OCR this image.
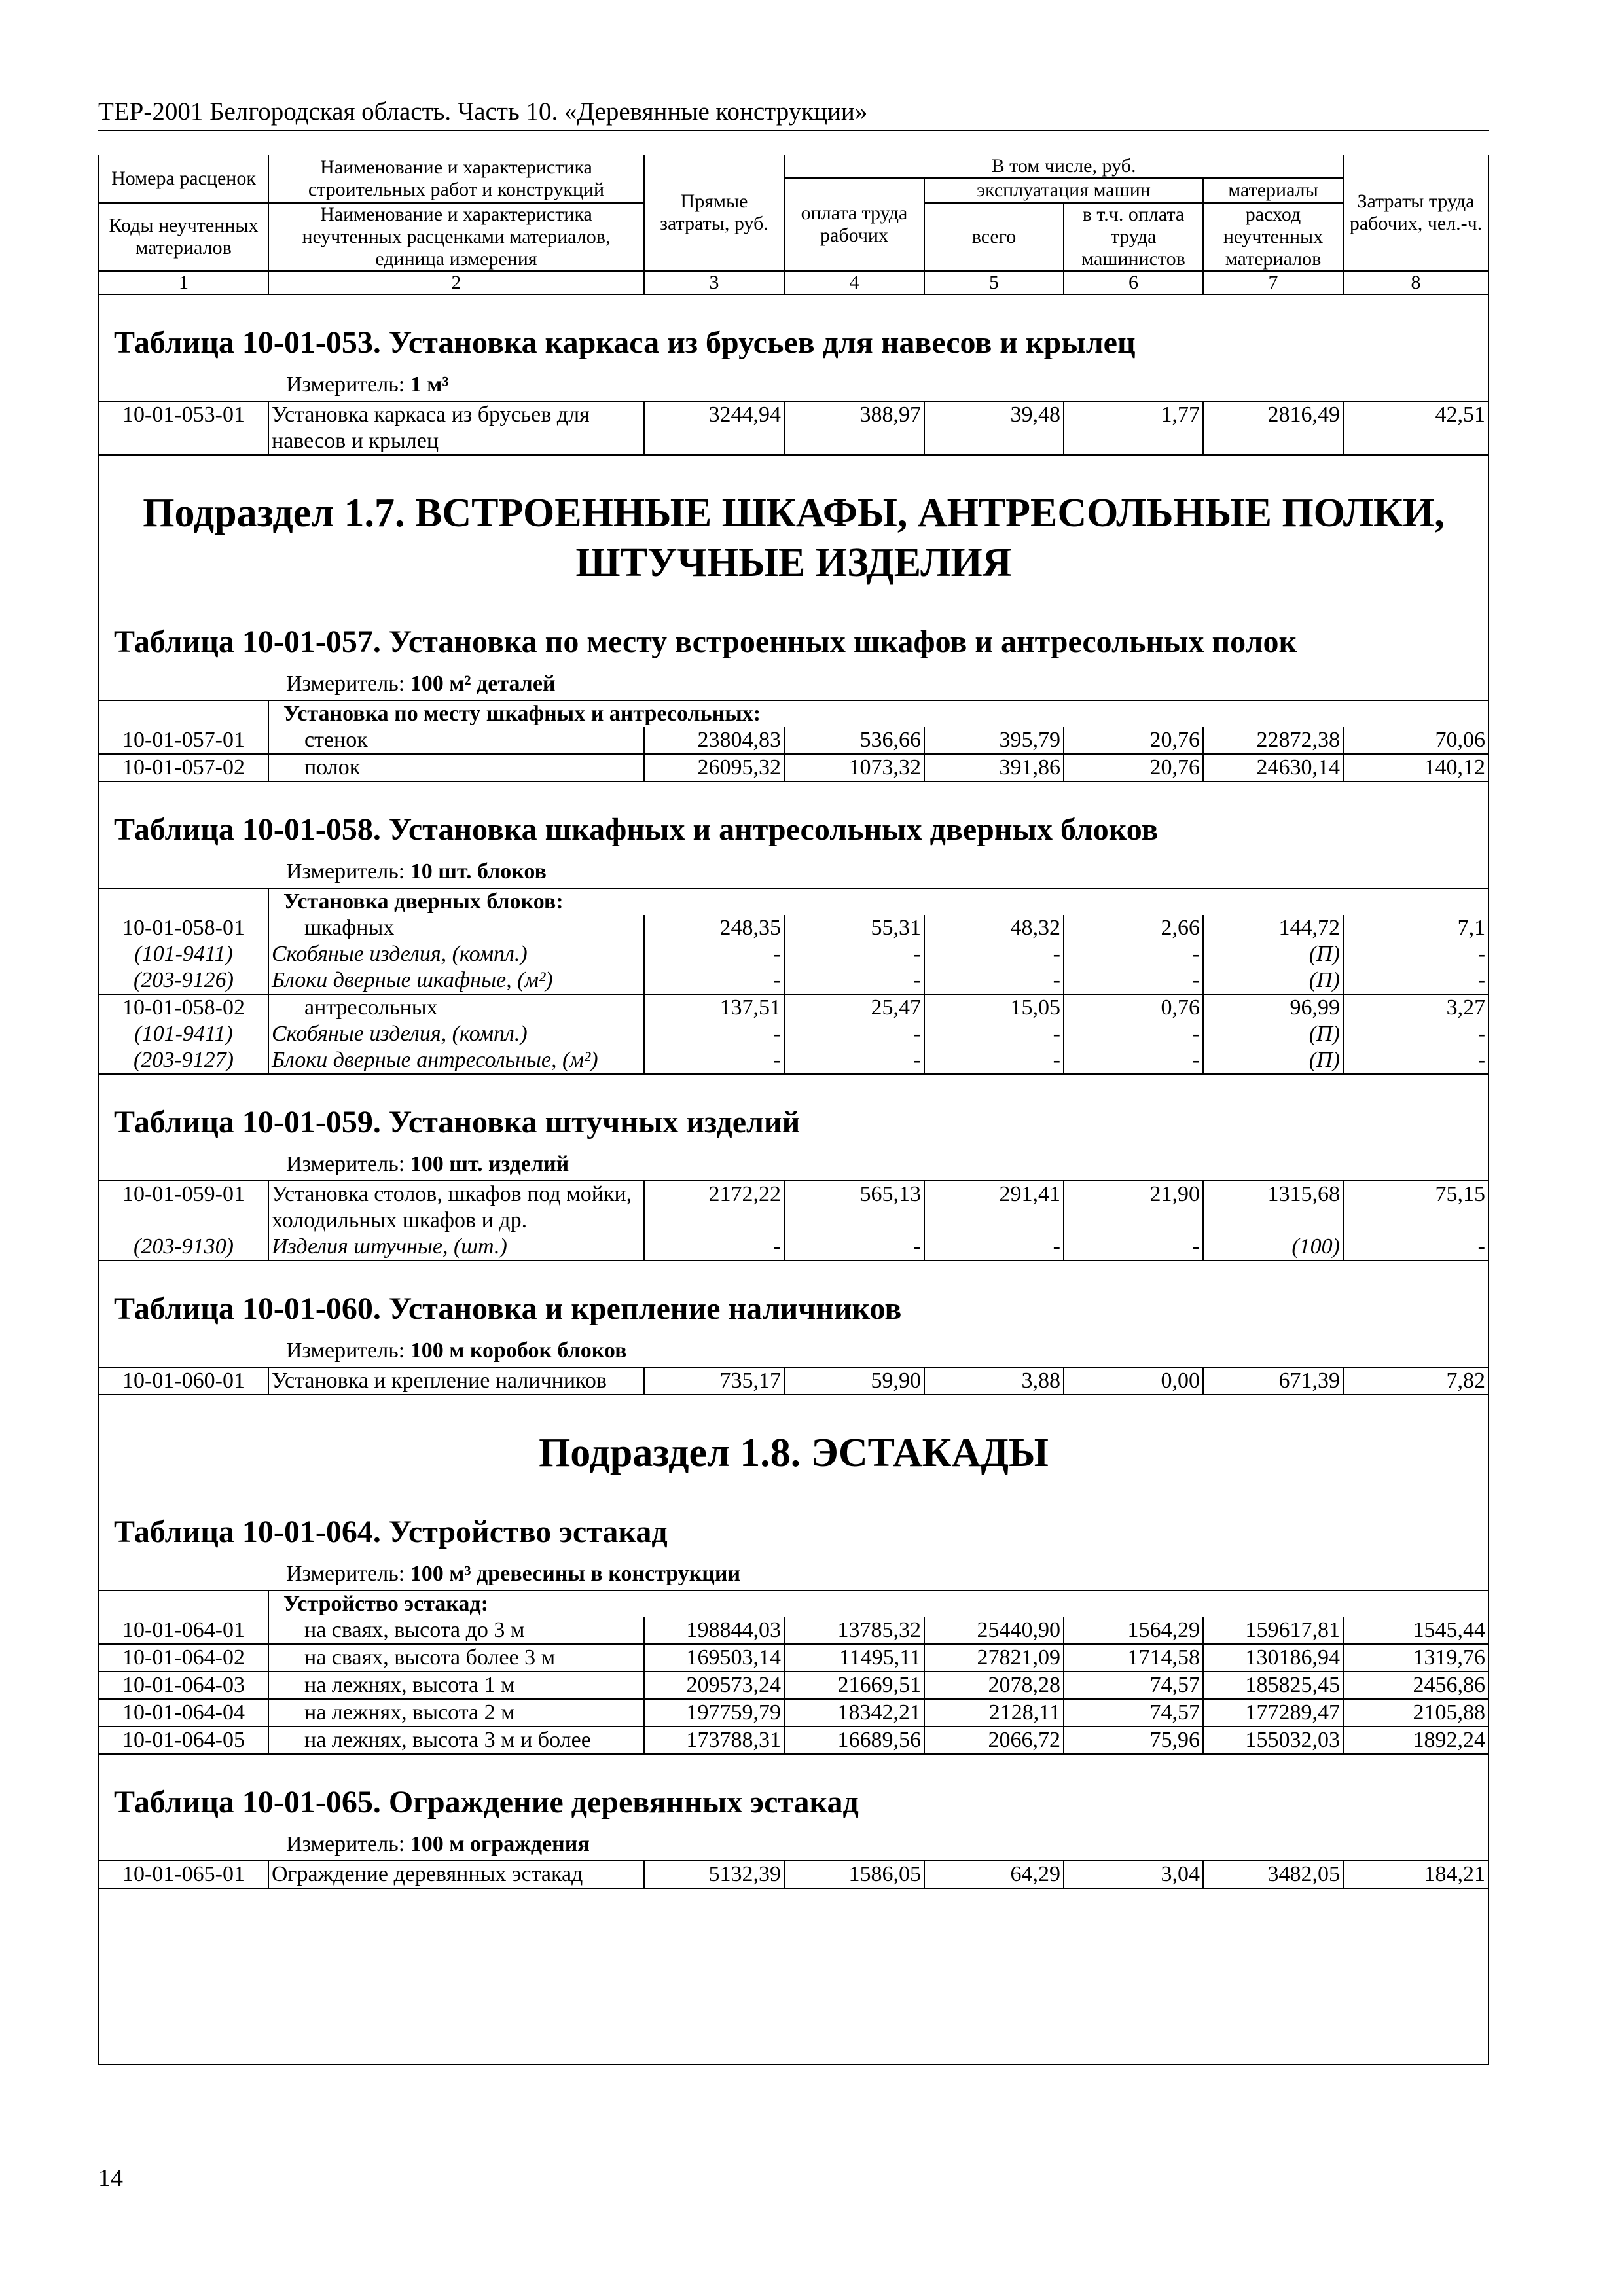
ТЕР-2001 Белгородская область. Часть 10. «Деревянные конструкции»
Номера расценок	Наименование и характеристика строительных работ и конструкций	Прямые затраты, руб.	В том числе, руб.				Затраты труда рабочих, чел.-ч.
			оплата труда рабочих	эксплуатация машин		материалы	
Коды неучтенных материалов	Наименование и характеристика неучтенных расценками материалов, единица измерения			всего	в т.ч. оплата труда машинистов	расход неучтенных материалов	

1	2	3	4	5	6	7	8
Таблица 10-01-053. Установка каркаса из брусьев для навесов и крылец
Измеритель: 1 м³
10-01-053-01	Установка каркаса из брусьев для навесов и крылец	3244,94	388,97	39,48	1,77	2816,49	42,51
Подраздел 1.7. ВСТРОЕННЫЕ ШКАФЫ, АНТРЕСОЛЬНЫЕ ПОЛКИ, ШТУЧНЫЕ ИЗДЕЛИЯ
Таблица 10-01-057. Установка по месту встроенных шкафов и антресольных полок
Измеритель: 100 м² деталей
	Установка по месту шкафных и антресольных:						
10-01-057-01	стенок	23804,83	536,66	395,79	20,76	22872,38	70,06
10-01-057-02	полок	26095,32	1073,32	391,86	20,76	24630,14	140,12
Таблица 10-01-058. Установка шкафных и антресольных дверных блоков
Измеритель: 10 шт. блоков
	Установка дверных блоков:						
10-01-058-01	шкафных	248,35	55,31	48,32	2,66	144,72	7,1
(101-9411)	Скобяные изделия, (компл.)	-	-	-	-	(П)	-
(203-9126)	Блоки дверные шкафные, (м²)	-	-	-	-	(П)	-
10-01-058-02	антресольных	137,51	25,47	15,05	0,76	96,99	3,27
(101-9411)	Скобяные изделия, (компл.)	-	-	-	-	(П)	-
(203-9127)	Блоки дверные антресольные, (м²)	-	-	-	-	(П)	-
Таблица 10-01-059. Установка штучных изделий
Измеритель: 100 шт. изделий
10-01-059-01	Установка столов, шкафов под мойки, холодильных шкафов и др.	2172,22	565,13	291,41	21,90	1315,68	75,15
(203-9130)	Изделия штучные, (шт.)	-	-	-	-	(100)	-
Таблица 10-01-060. Установка и крепление наличников
Измеритель: 100 м коробок блоков
10-01-060-01	Установка и крепление наличников	735,17	59,90	3,88	0,00	671,39	7,82
Подраздел 1.8. ЭСТАКАДЫ
Таблица 10-01-064. Устройство эстакад
Измеритель: 100 м³ древесины в конструкции
	Устройство эстакад:						
10-01-064-01	на сваях, высота до 3 м	198844,03	13785,32	25440,90	1564,29	159617,81	1545,44
10-01-064-02	на сваях, высота более 3 м	169503,14	11495,11	27821,09	1714,58	130186,94	1319,76
10-01-064-03	на лежнях, высота 1 м	209573,24	21669,51	2078,28	74,57	185825,45	2456,86
10-01-064-04	на лежнях, высота 2 м	197759,79	18342,21	2128,11	74,57	177289,47	2105,88
10-01-064-05	на лежнях, высота 3 м и более	173788,31	16689,56	2066,72	75,96	155032,03	1892,24
Таблица 10-01-065. Ограждение деревянных эстакад
Измеритель: 100 м ограждения
10-01-065-01	Ограждение деревянных эстакад	5132,39	1586,05	64,29	3,04	3482,05	184,21
14
